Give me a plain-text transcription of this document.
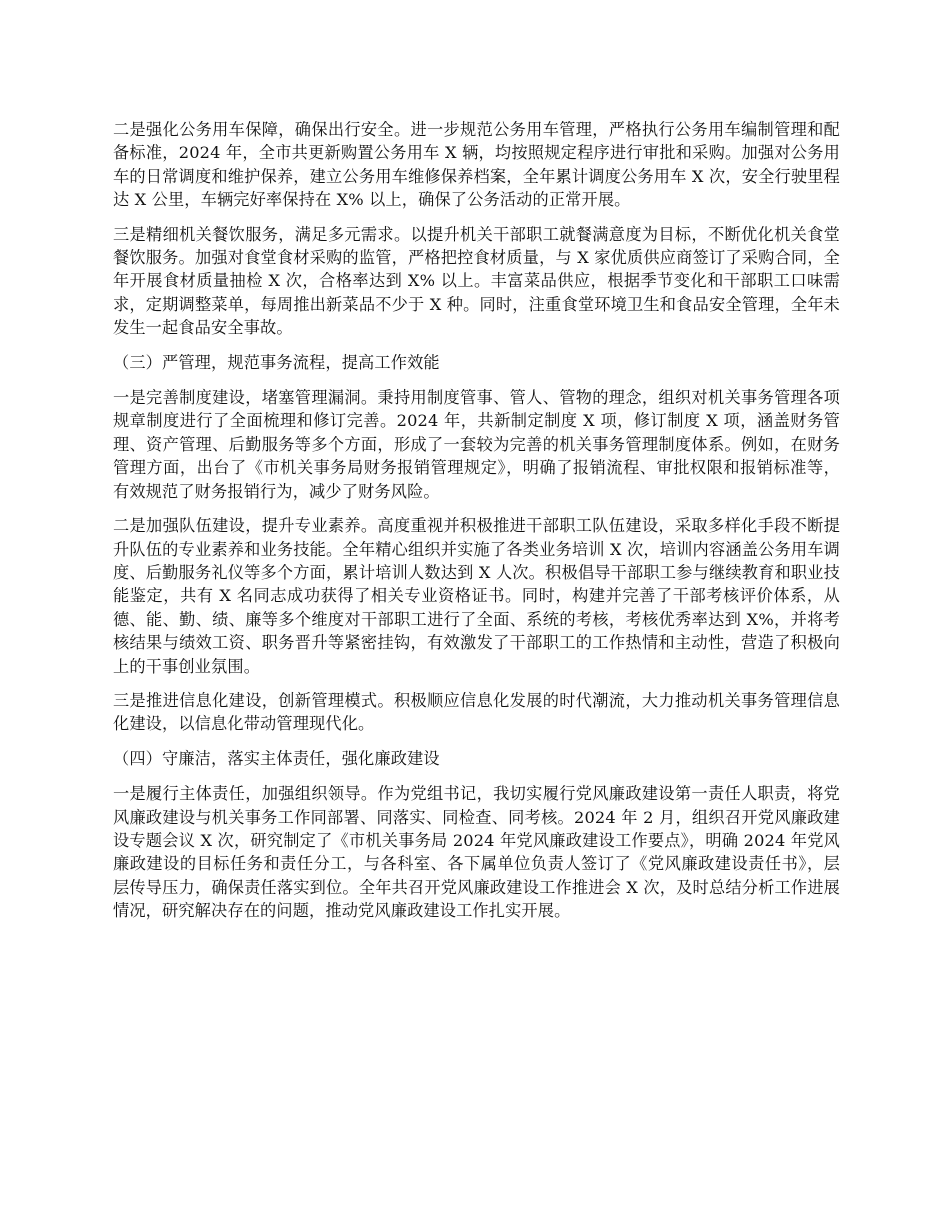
二是强化公务用车保障，确保出行安全。进一步规范公务用车管理，严格执行公务用车编制管理和配备标准，2024 年，全市共更新购置公务用车 X 辆，均按照规定程序进行审批和采购。加强对公务用车的日常调度和维护保养，建立公务用车维修保养档案，全年累计调度公务用车 X 次，安全行驶里程达 X 公里，车辆完好率保持在 X% 以上，确保了公务活动的正常开展。

三是精细机关餐饮服务，满足多元需求。以提升机关干部职工就餐满意度为目标，不断优化机关食堂餐饮服务。加强对食堂食材采购的监管，严格把控食材质量，与 X 家优质供应商签订了采购合同，全年开展食材质量抽检 X 次，合格率达到 X% 以上。丰富菜品供应，根据季节变化和干部职工口味需求，定期调整菜单，每周推出新菜品不少于 X 种。同时，注重食堂环境卫生和食品安全管理，全年未发生一起食品安全事故。

（三）严管理，规范事务流程，提高工作效能

一是完善制度建设，堵塞管理漏洞。秉持用制度管事、管人、管物的理念，组织对机关事务管理各项规章制度进行了全面梳理和修订完善。2024 年，共新制定制度 X 项，修订制度 X 项，涵盖财务管理、资产管理、后勤服务等多个方面，形成了一套较为完善的机关事务管理制度体系。例如，在财务管理方面，出台了《市机关事务局财务报销管理规定》，明确了报销流程、审批权限和报销标准等，有效规范了财务报销行为，减少了财务风险。

二是加强队伍建设，提升专业素养。高度重视并积极推进干部职工队伍建设，采取多样化手段不断提升队伍的专业素养和业务技能。全年精心组织并实施了各类业务培训 X 次，培训内容涵盖公务用车调度、后勤服务礼仪等多个方面，累计培训人数达到 X 人次。积极倡导干部职工参与继续教育和职业技能鉴定，共有 X 名同志成功获得了相关专业资格证书。同时，构建并完善了干部考核评价体系，从德、能、勤、绩、廉等多个维度对干部职工进行了全面、系统的考核，考核优秀率达到 X%，并将考核结果与绩效工资、职务晋升等紧密挂钩，有效激发了干部职工的工作热情和主动性，营造了积极向上的干事创业氛围。

三是推进信息化建设，创新管理模式。积极顺应信息化发展的时代潮流，大力推动机关事务管理信息化建设，以信息化带动管理现代化。

（四）守廉洁，落实主体责任，强化廉政建设

一是履行主体责任，加强组织领导。作为党组书记，我切实履行党风廉政建设第一责任人职责，将党风廉政建设与机关事务工作同部署、同落实、同检查、同考核。2024 年 2 月，组织召开党风廉政建设专题会议 X 次，研究制定了《市机关事务局 2024 年党风廉政建设工作要点》，明确 2024 年党风廉政建设的目标任务和责任分工，与各科室、各下属单位负责人签订了《党风廉政建设责任书》，层层传导压力，确保责任落实到位。全年共召开党风廉政建设工作推进会 X 次，及时总结分析工作进展情况，研究解决存在的问题，推动党风廉政建设工作扎实开展。
